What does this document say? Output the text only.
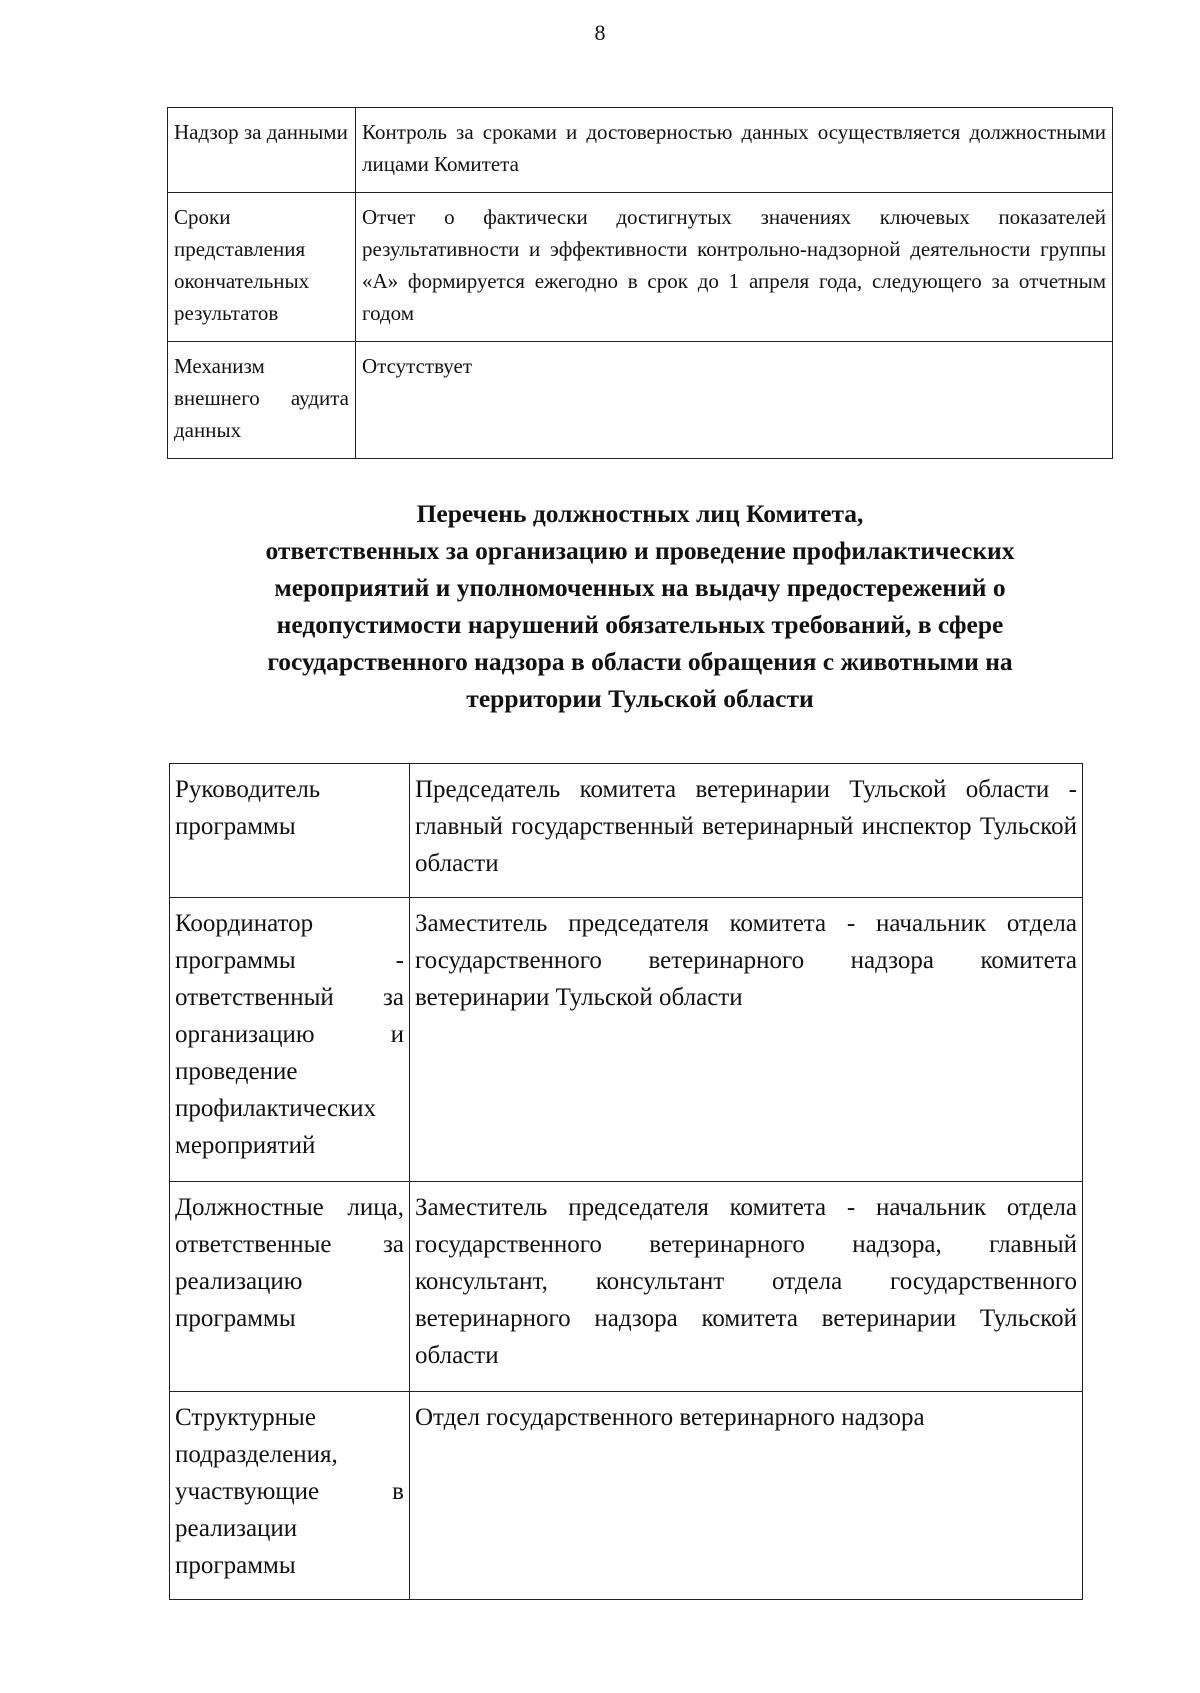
8
Надзор за данными	Контроль за сроками и достоверностью данных осуществляется должностными лицами Комитета
Сроки представления окончательных результатов	Отчет о фактически достигнутых значениях ключевых показателей результативности и эффективности контрольно-надзорной деятельности группы «А» формируется ежегодно в срок до 1 апреля года, следующего за отчетным годом
Механизм внешнего аудита данных	Отсутствует
Перечень должностных лиц Комитета,
ответственных за организацию и проведение профилактических
мероприятий и уполномоченных на выдачу предостережений о
недопустимости нарушений обязательных требований, в сфере
государственного надзора в области обращения с животными на
территории Тульской области
Руководитель программы	Председатель комитета ветеринарии Тульской области - главный государственный ветеринарный инспектор Тульской области
Координатор программы - ответственный за организацию и проведение профилактических мероприятий	Заместитель председателя комитета - начальник отдела государственного ветеринарного надзора комитета ветеринарии Тульской области
Должностные лица, ответственные за реализацию программы	Заместитель председателя комитета - начальник отдела государственного ветеринарного надзора, главный консультант, консультант отдела государственного ветеринарного надзора комитета ветеринарии Тульской области
Структурные подразделения, участвующие в реализации программы	Отдел государственного ветеринарного надзора
